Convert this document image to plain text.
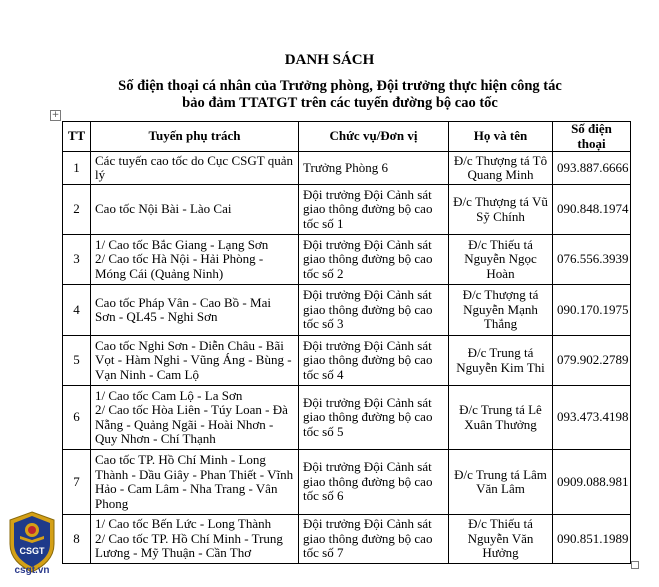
DANH SÁCH
Số điện thoại cá nhân của Trưởng phòng, Đội trưởng thực hiện công tác
bảo đảm TTATGT trên các tuyến đường bộ cao tốc
+
TT	Tuyến phụ trách	Chức vụ/Đơn vị	Họ và tên	Số điện thoại
1	Các tuyến cao tốc do Cục CSGT quản lý	Trưởng Phòng 6	Đ/c Thượng tá Tô Quang Minh	093.887.6666
2	Cao tốc Nội Bài - Lào Cai	Đội trưởng Đội Cảnh sát giao thông đường bộ cao tốc số 1	Đ/c Thượng tá Vũ Sỹ Chính	090.848.1974
3	1/ Cao tốc Bắc Giang - Lạng Sơn
2/ Cao tốc Hà Nội - Hải Phòng - Móng Cái (Quảng Ninh)	Đội trưởng Đội Cảnh sát giao thông đường bộ cao tốc số 2	Đ/c Thiếu tá Nguyễn Ngọc Hoàn	076.556.3939
4	Cao tốc Pháp Vân - Cao Bồ - Mai Sơn - QL45 - Nghi Sơn	Đội trưởng Đội Cảnh sát giao thông đường bộ cao tốc số 3	Đ/c Thượng tá Nguyễn Mạnh Thắng	090.170.1975
5	Cao tốc Nghi Sơn - Diễn Châu - Bãi Vọt - Hàm Nghi - Vũng Áng - Bùng - Vạn Ninh - Cam Lộ	Đội trưởng Đội Cảnh sát giao thông đường bộ cao tốc số 4	Đ/c Trung tá Nguyễn Kim Thi	079.902.2789
6	1/ Cao tốc Cam Lộ - La Sơn
2/ Cao tốc Hòa Liên - Túy Loan - Đà Nẵng - Quảng Ngãi - Hoài Nhơn - Quy Nhơn - Chí Thạnh	Đội trưởng Đội Cảnh sát giao thông đường bộ cao tốc số 5	Đ/c Trung tá Lê Xuân Thưởng	093.473.4198
7	Cao tốc TP. Hồ Chí Minh - Long Thành - Dầu Giây - Phan Thiết - Vĩnh Hảo - Cam Lâm - Nha Trang - Vân Phong	Đội trưởng Đội Cảnh sát giao thông đường bộ cao tốc số 6	Đ/c Trung tá Lâm Văn Lâm	0909.088.981
8	1/ Cao tốc Bến Lức - Long Thành
2/ Cao tốc TP. Hồ Chí Minh - Trung Lương - Mỹ Thuận - Cần Thơ	Đội trưởng Đội Cảnh sát giao thông đường bộ cao tốc số 7	Đ/c Thiếu tá Nguyễn Văn Hưởng	090.851.1989
CSGT
csgt.vn
